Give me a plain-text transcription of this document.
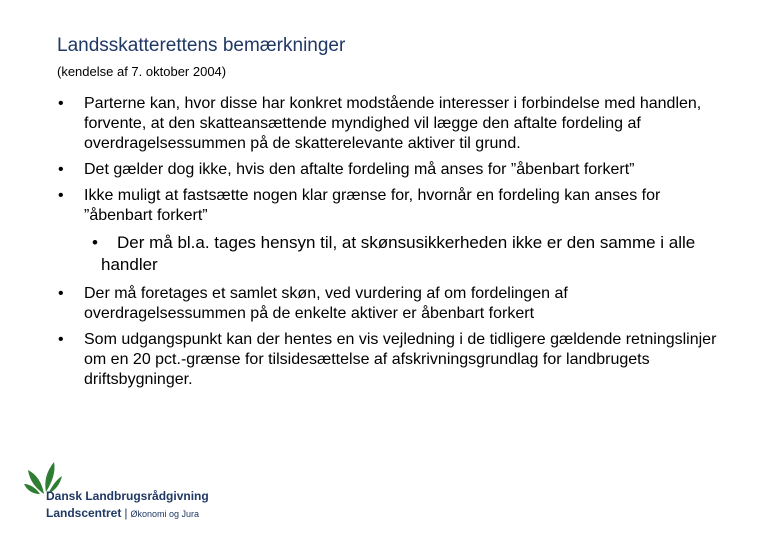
Landsskatterettens bemærkninger
(kendelse af 7. oktober 2004)
• Parterne kan, hvor disse har konkret modstående interesser i forbindelse med handlen, forvente, at den skatteansættende myndighed vil lægge den aftalte fordeling af overdragelsessummen på de skatterelevante aktiver til grund.
• Det gælder dog ikke, hvis den aftalte fordeling må anses for ”åbenbart forkert”
• Ikke muligt at fastsætte nogen klar grænse for, hvornår en fordeling kan anses for ”åbenbart forkert”
•	Der må bl.a. tages hensyn til, at skønsusikkerheden ikke er den samme i alle handler
• Der må foretages et samlet skøn, ved vurdering af om fordelingen af overdragelsessummen på de enkelte aktiver er åbenbart forkert
• Som udgangspunkt kan der hentes en vis vejledning i de tidligere gældende retningslinjer om en 20 pct.-grænse for tilsidesættelse af afskrivningsgrundlag for landbrugets driftsbygninger.
Dansk Landbrugsrådgivning
Landscentret | Økonomi og Jura
